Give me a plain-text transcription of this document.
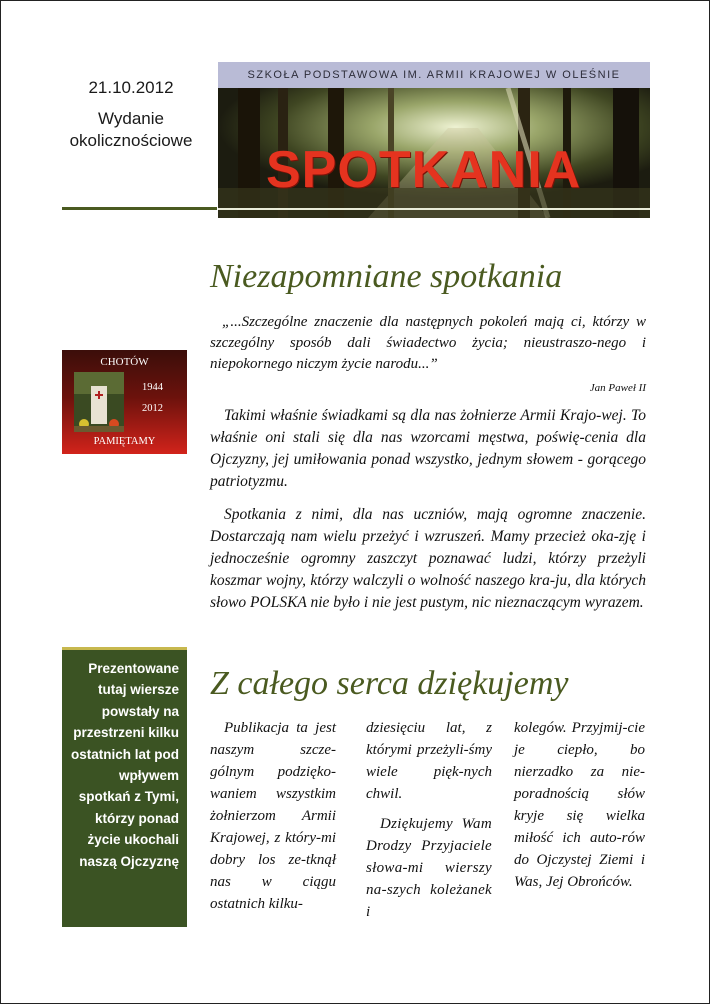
21.10.2012
Wydanie okolicznościowe
SZKOŁA PODSTAWOWA IM. ARMII KRAJOWEJ W OLEŚNIE
SPOTKANIA
Niezapomniane spotkania

„...Szczególne znaczenie dla następnych pokoleń mają ci, którzy w szczególny sposób dali świadectwo życia; nieustraszo-nego i niepokornego niczym życie narodu...”

Jan Paweł II

Takimi właśnie świadkami są dla nas żołnierze Armii Krajo-wej. To właśnie oni stali się dla nas wzorcami męstwa, poświę-cenia dla Ojczyzny, jej umiłowania ponad wszystko, jednym słowem - gorącego patriotyzmu.

Spotkania z nimi, dla nas uczniów, mają ogromne znaczenie. Dostarczają nam wielu przeżyć i wzruszeń. Mamy przecież oka-zję i jednocześnie ogromny zaszczyt poznawać ludzi, którzy przeżyli koszmar wojny, którzy walczyli o wolność naszego kra-ju, dla których słowo POLSKA nie było i nie jest pustym, nic nieznaczącym wyrazem.

CHOTÓW
1944
2012
PAMIĘTAMY
Prezentowane tutaj wiersze powstały na przestrzeni kilku ostatnich lat pod wpływem spotkań z Tymi, którzy ponad życie ukochali naszą Ojczyznę
Z całego serca dziękujemy

Publikacja ta jest naszym szcze-gólnym podzięko-waniem wszystkim żołnierzom Armii Krajowej, z który-mi dobry los ze-tknął nas w ciągu ostatnich kilku-

dziesięciu lat, z którymi przeżyli-śmy wiele pięk-nych chwil.

Dziękujemy Wam Drodzy Przyjaciele słowa-mi wierszy na-szych koleżanek i

kolegów. Przyjmij-cie je ciepło, bo nierzadko za nie-poradnością słów kryje się wielka miłość ich autо-rów do Ojczystej Ziemi i Was, Jej Obrońców.
